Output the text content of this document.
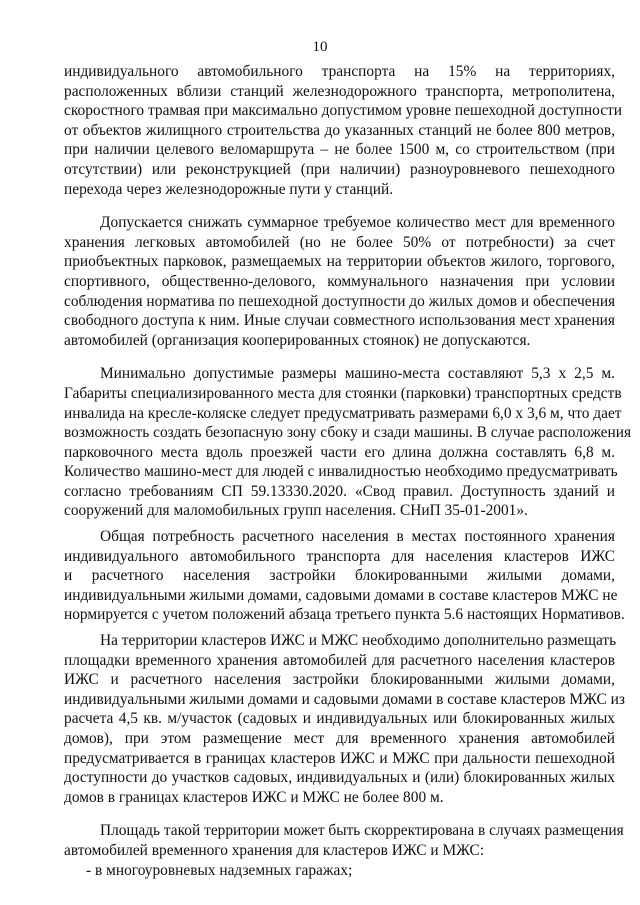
10
индивидуального автомобильного транспорта на 15% на территориях,
расположенных вблизи станций железнодорожного транспорта, метрополитена,
скоростного трамвая при максимально допустимом уровне пешеходной доступности
от объектов жилищного строительства до указанных станций не более 800 метров,
при наличии целевого веломаршрута – не более 1500 м, со строительством (при
отсутствии) или реконструкцией (при наличии) разноуровневого пешеходного
перехода через железнодорожные пути у станций.
Допускается снижать суммарное требуемое количество мест для временного
хранения легковых автомобилей (но не более 50% от потребности) за счет
приобъектных парковок, размещаемых на территории объектов жилого, торгового,
спортивного, общественно-делового, коммунального назначения при условии
соблюдения норматива по пешеходной доступности до жилых домов и обеспечения
свободного доступа к ним. Иные случаи совместного использования мест хранения
автомобилей (организация кооперированных стоянок) не допускаются.
Минимально допустимые размеры машино-места составляют 5,3 х 2,5 м.
Габариты специализированного места для стоянки (парковки) транспортных средств
инвалида на кресле-коляске следует предусматривать размерами 6,0 х 3,6 м, что дает
возможность создать безопасную зону сбоку и сзади машины. В случае расположения
парковочного места вдоль проезжей части его длина должна составлять 6,8 м.
Количество машино-мест для людей с инвалидностью необходимо предусматривать
согласно требованиям СП 59.13330.2020. «Свод правил. Доступность зданий и
сооружений для маломобильных групп населения. СНиП 35-01-2001».
Общая потребность расчетного населения в местах постоянного хранения
индивидуального автомобильного транспорта для населения кластеров ИЖС
и расчетного населения застройки блокированными жилыми домами,
индивидуальными жилыми домами, садовыми домами в составе кластеров МЖС не
нормируется с учетом положений абзаца третьего пункта 5.6 настоящих Нормативов.
На территории кластеров ИЖС и МЖС необходимо дополнительно размещать
площадки временного хранения автомобилей для расчетного населения кластеров
ИЖС и расчетного населения застройки блокированными жилыми домами,
индивидуальными жилыми домами и садовыми домами в составе кластеров МЖС из
расчета 4,5 кв. м/участок (садовых и индивидуальных или блокированных жилых
домов), при этом размещение мест для временного хранения автомобилей
предусматривается в границах кластеров ИЖС и МЖС при дальности пешеходной
доступности до участков садовых, индивидуальных и (или) блокированных жилых
домов в границах кластеров ИЖС и МЖС не более 800 м.
Площадь такой территории может быть скорректирована в случаях размещения
автомобилей временного хранения для кластеров ИЖС и МЖС:
- в многоуровневых надземных гаражах;
